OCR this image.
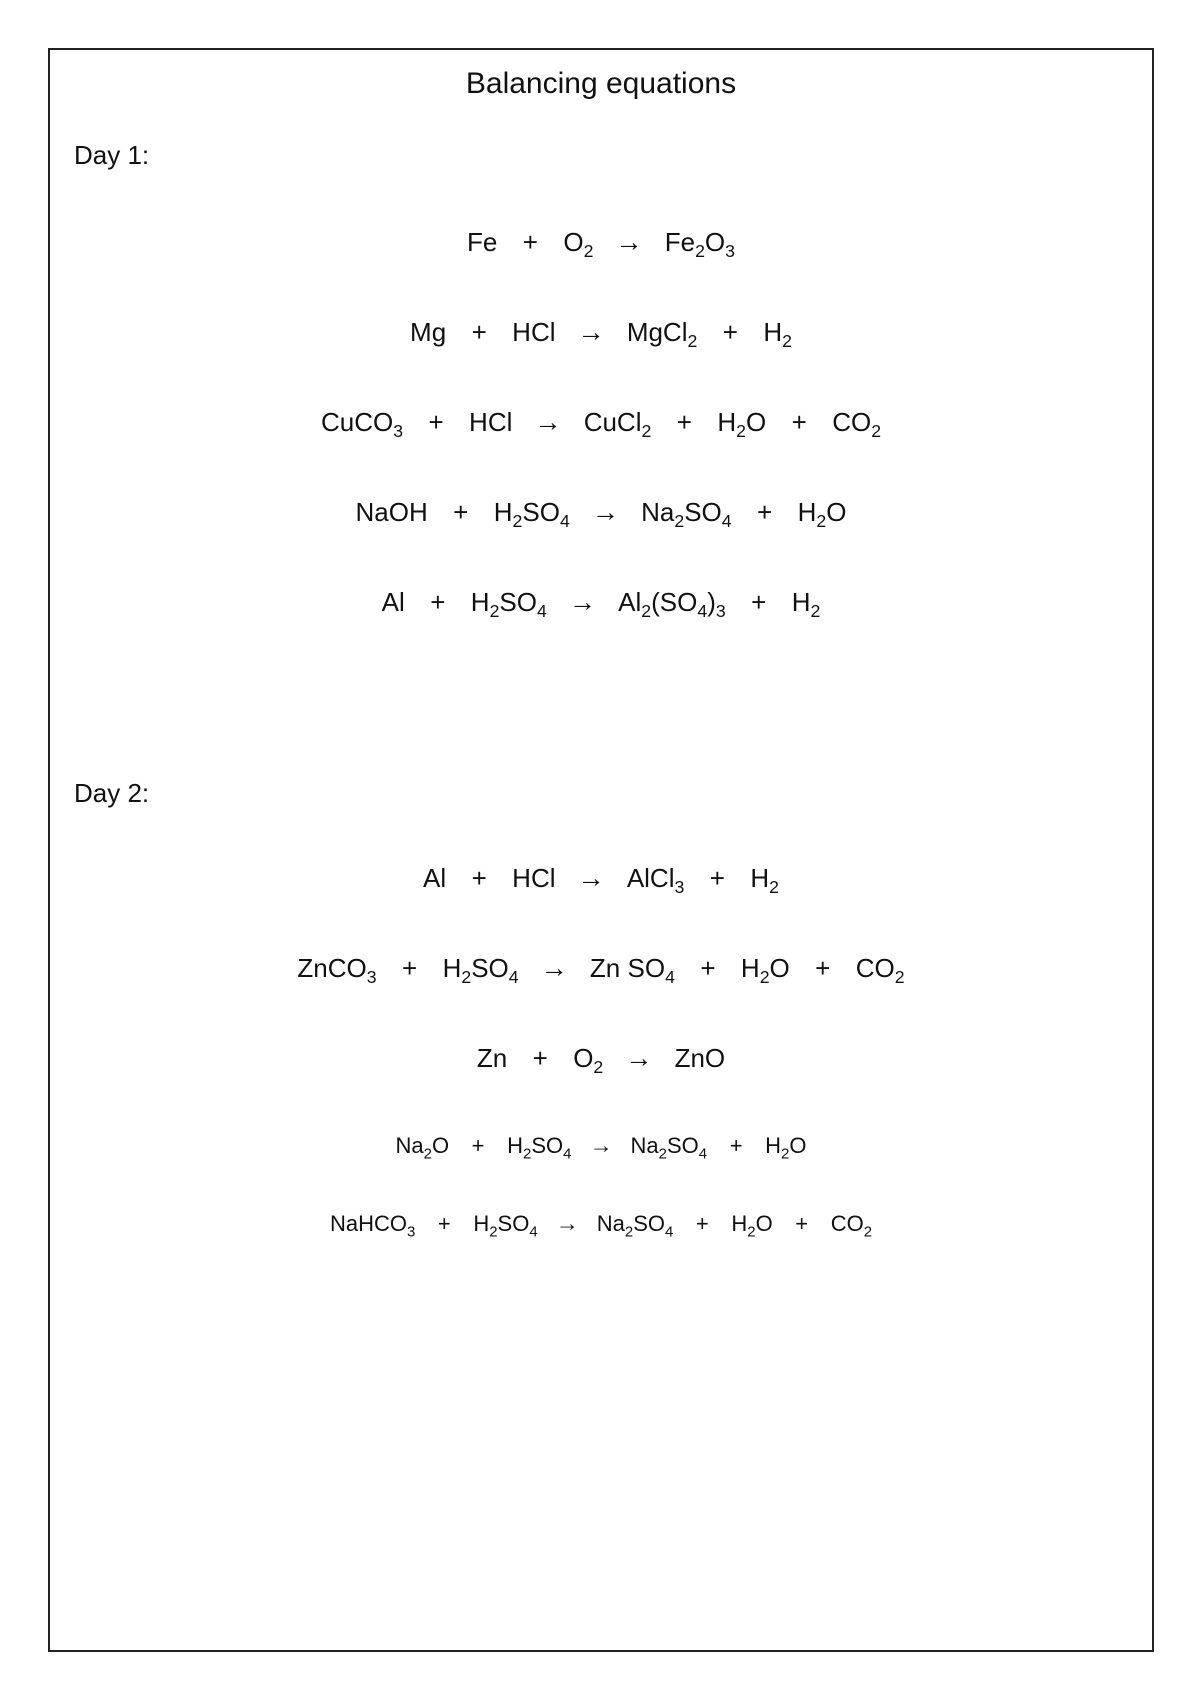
Balancing equations
Day 1:
$Fe + O_2 \to Fe_2O_3$
Mg + HCl → MgCl$_2$ + $H_2$
CuCO$_3$ + HCl → CuCl$_2$ + $H_2O + CO_2$
NaOH + $H_2SO_4 \to Na_2SO_4 + H_2O$
$Al + H_2SO_4 \to Al_2(SO_4)_3 + H_2$
Day 2:
Al + HCl → AlCl$_3$ + $H_2$
ZnCO$_3$ + $H_2SO_4 \to Zn$ $SO_4 + H_2O + CO_2$
$Zn + O_2$ → ZnO
$Na_2O$	+	$H_2SO_4 \to Na_2SO_4$	+	$H_2O$
NaHCO$_3$	+	$H_2SO_4 \to Na_2SO_4$	+	$H_2O$	+	$CO_2$
